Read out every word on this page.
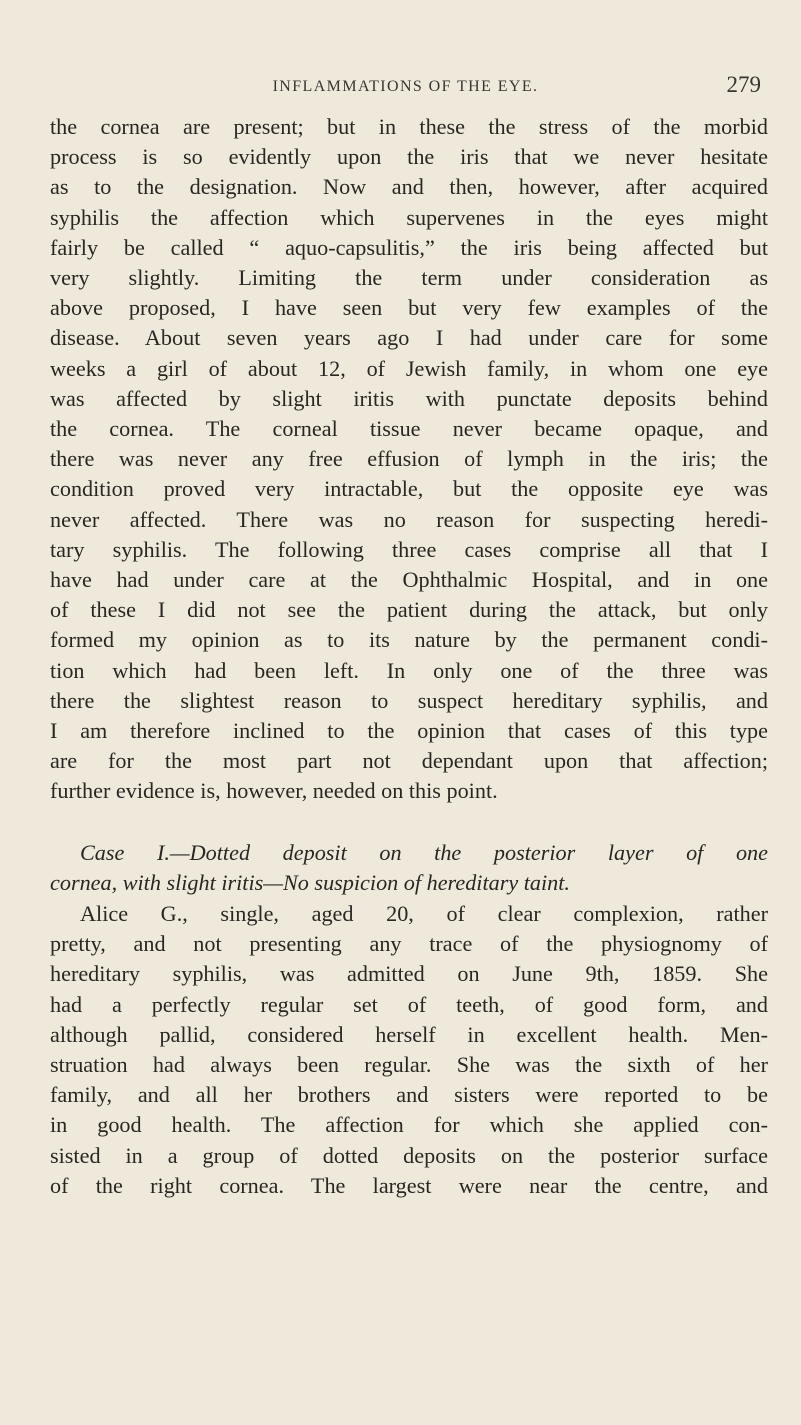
INFLAMMATIONS OF THE EYE.	279
the cornea are present; but in these the stress of the morbid
process is so evidently upon the iris that we never hesitate
as to the designation. Now and then, however, after acquired
syphilis the affection which supervenes in the eyes might
fairly be called “ aquo-capsulitis,” the iris being affected but
very slightly. Limiting the term under consideration as
above proposed, I have seen but very few examples of the
disease. About seven years ago I had under care for some
weeks a girl of about 12, of Jewish family, in whom one eye
was affected by slight iritis with punctate deposits behind
the cornea. The corneal tissue never became opaque, and
there was never any free effusion of lymph in the iris; the
condition proved very intractable, but the opposite eye was
never affected. There was no reason for suspecting heredi-
tary syphilis. The following three cases comprise all that I
have had under care at the Ophthalmic Hospital, and in one
of these I did not see the patient during the attack, but only
formed my opinion as to its nature by the permanent condi-
tion which had been left. In only one of the three was
there the slightest reason to suspect hereditary syphilis, and
I am therefore inclined to the opinion that cases of this type
are for the most part not dependant upon that affection;
further evidence is, however, needed on this point.
Case I.—Dotted deposit on the posterior layer of one
cornea, with slight iritis—No suspicion of hereditary taint.
Alice G., single, aged 20, of clear complexion, rather
pretty, and not presenting any trace of the physiognomy of
hereditary syphilis, was admitted on June 9th, 1859. She
had a perfectly regular set of teeth, of good form, and
although pallid, considered herself in excellent health. Men-
struation had always been regular. She was the sixth of her
family, and all her brothers and sisters were reported to be
in good health. The affection for which she applied con-
sisted in a group of dotted deposits on the posterior surface
of the right cornea. The largest were near the centre, and
